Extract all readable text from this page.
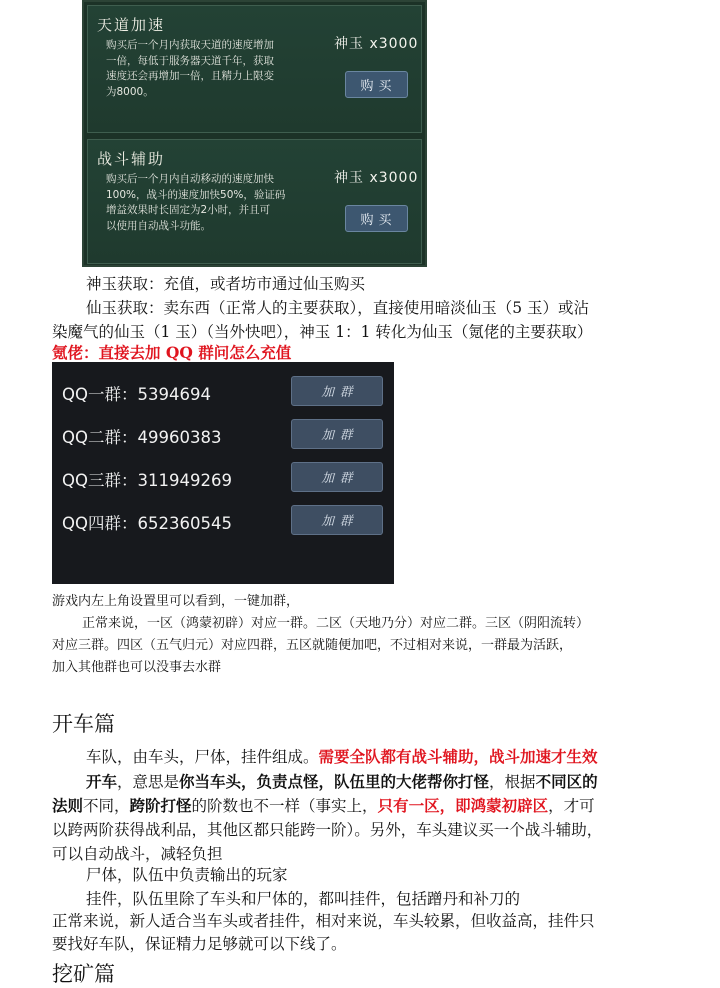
天道加速
购买后一个月内获取天道的速度增加
一倍，每低于服务器天道千年，获取
速度还会再增加一倍，且精力上限变
为8000。
神玉 x3000
购买
战斗辅助
购买后一个月内自动移动的速度加快
100%，战斗的速度加快50%，验证码
增益效果时长固定为2小时，并且可
以使用自动战斗功能。
神玉 x3000
购买
神玉获取：充值，或者坊市通过仙玉购买
仙玉获取：卖东西（正常人的主要获取），直接使用暗淡仙玉（5 玉）或沾
染魔气的仙玉（1 玉）（当外快吧），神玉 1：1 转化为仙玉（氪佬的主要获取）
氪佬：直接去加 QQ 群问怎么充值
QQ一群：5394694	加群
QQ二群：49960383	加群
QQ三群：311949269	加群
QQ四群：652360545	加群
游戏内左上角设置里可以看到，一键加群，
正常来说，一区（鸿蒙初辟）对应一群。二区（天地乃分）对应二群。三区（阴阳流转）
对应三群。四区（五气归元）对应四群，五区就随便加吧，不过相对来说，一群最为活跃，
加入其他群也可以没事去水群
开车篇
车队，由车头，尸体，挂件组成。需要全队都有战斗辅助，战斗加速才生效
开车，意思是你当车头，负责点怪，队伍里的大佬帮你打怪，根据不同区的
法则不同，跨阶打怪的阶数也不一样（事实上，只有一区，即鸿蒙初辟区，才可
以跨两阶获得战利品，其他区都只能跨一阶）。另外，车头建议买一个战斗辅助，
可以自动战斗，减轻负担
尸体，队伍中负责输出的玩家
挂件，队伍里除了车头和尸体的，都叫挂件，包括蹭丹和补刀的
正常来说，新人适合当车头或者挂件，相对来说，车头较累，但收益高，挂件只
要找好车队，保证精力足够就可以下线了。
挖矿篇
